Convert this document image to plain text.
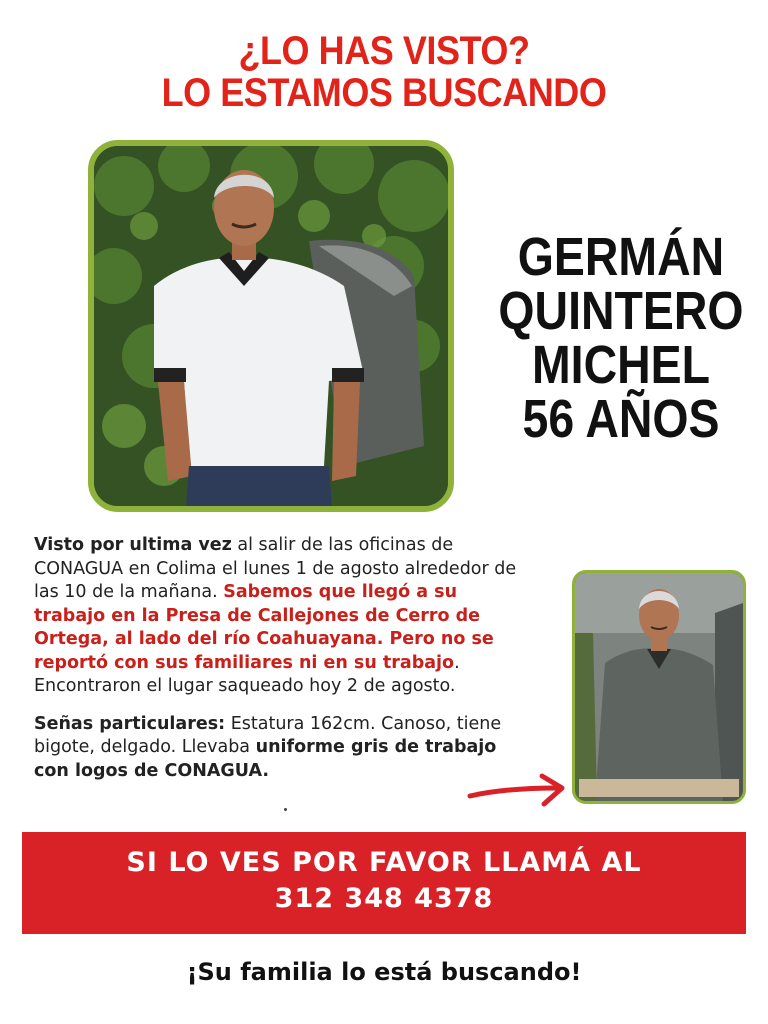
¿LO HAS VISTO?
LO ESTAMOS BUSCANDO
GERMÁN
QUINTERO
MICHEL
56 AÑOS

Visto por ultima vez al salir de las oficinas de CONAGUA en Colima el lunes 1 de agosto alrededor de las 10 de la mañana. Sabemos que llegó a su trabajo en la Presa de Callejones de Cerro de Ortega, al lado del río Coahuayana. Pero no se reportó con sus familiares ni en su trabajo. Encontraron el lugar saqueado hoy 2 de agosto.

Señas particulares: Estatura 162cm. Canoso, tiene bigote, delgado. Llevaba uniforme gris de trabajo con logos de CONAGUA.

SI LO VES POR FAVOR LLAMÁ AL
312 348 4378
¡Su familia lo está buscando!
